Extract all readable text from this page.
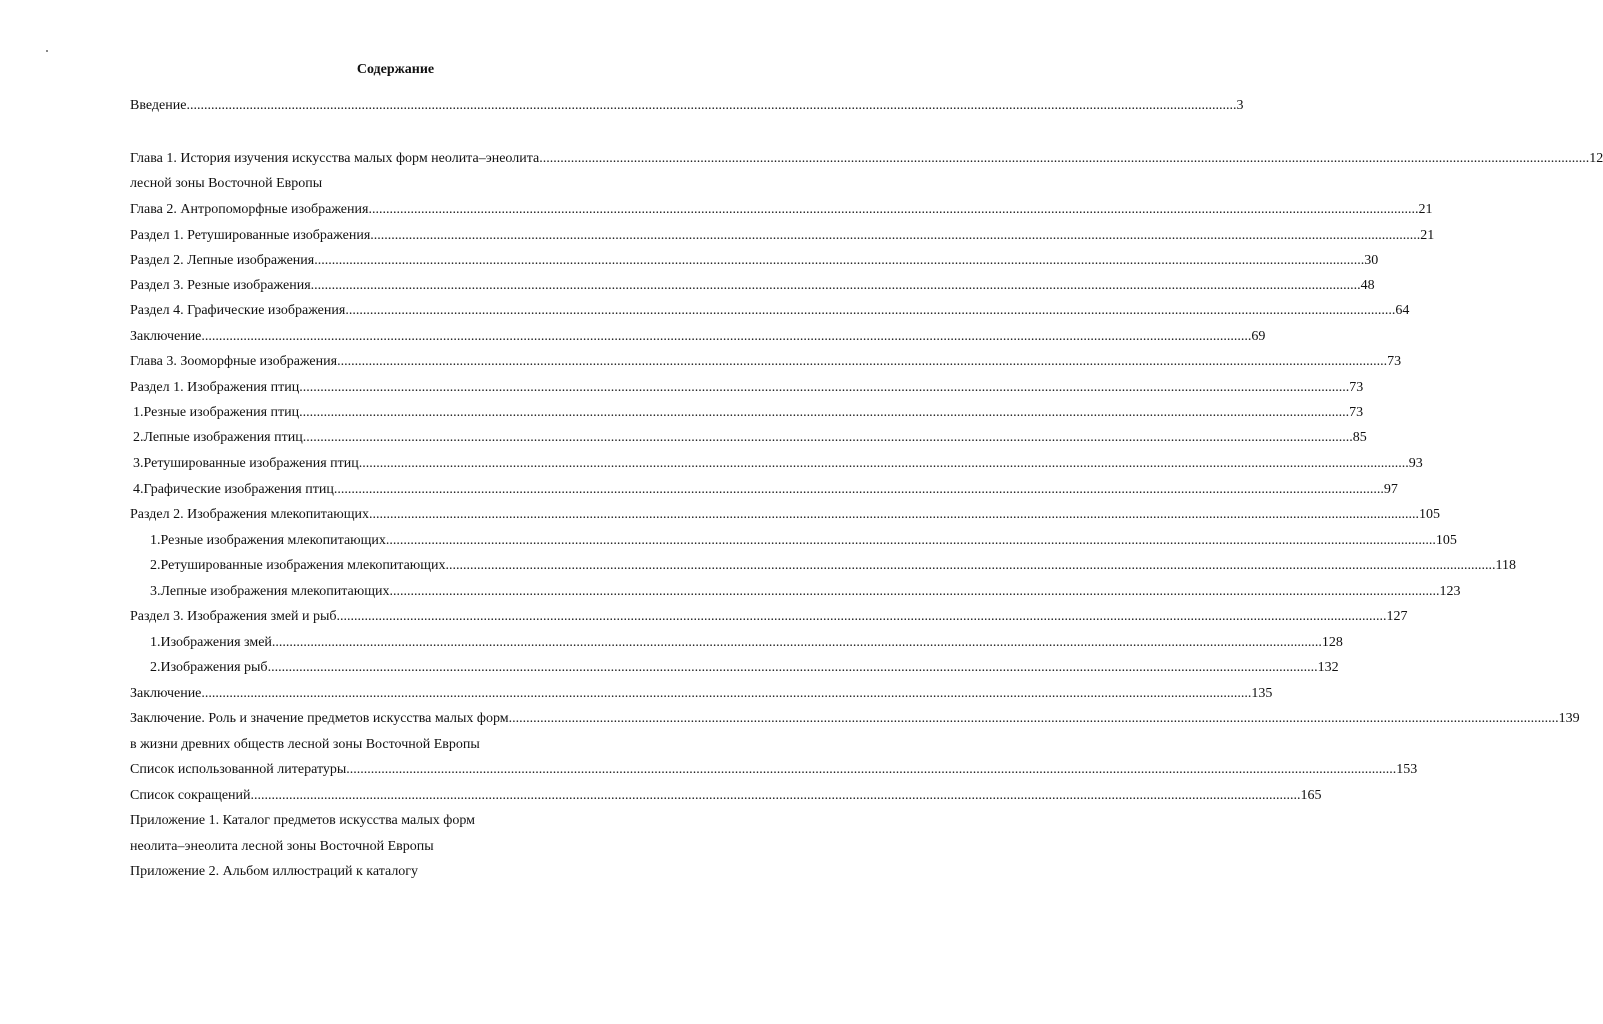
Содержание
Введение ............................................................................................................................................................................................................................................................................................................ 3
Глава 1. История изучения искусства малых форм неолита–энеолита ............................................................................................................................................................................................................................................................................................................ 12
лесной зоны Восточной Европы
Глава 2. Антропоморфные изображения ............................................................................................................................................................................................................................................................................................................ 21
Раздел 1. Ретушированные изображения ............................................................................................................................................................................................................................................................................................................ 21
Раздел 2. Лепные изображения ............................................................................................................................................................................................................................................................................................................ 30
Раздел 3. Резные изображения ............................................................................................................................................................................................................................................................................................................ 48
Раздел 4. Графические изображения ............................................................................................................................................................................................................................................................................................................ 64
Заключение ............................................................................................................................................................................................................................................................................................................ 69
Глава 3. Зооморфные изображения ............................................................................................................................................................................................................................................................................................................ 73
Раздел 1. Изображения птиц ............................................................................................................................................................................................................................................................................................................ 73
1. Резные изображения птиц ............................................................................................................................................................................................................................................................................................................ 73
2. Лепные изображения птиц ............................................................................................................................................................................................................................................................................................................ 85
3. Ретушированные изображения птиц ............................................................................................................................................................................................................................................................................................................ 93
4. Графические изображения птиц ............................................................................................................................................................................................................................................................................................................ 97
Раздел 2. Изображения млекопитающих ............................................................................................................................................................................................................................................................................................................ 105
1. Резные изображения млекопитающих ............................................................................................................................................................................................................................................................................................................ 105
2. Ретушированные изображения млекопитающих ............................................................................................................................................................................................................................................................................................................ 118
3. Лепные изображения млекопитающих ............................................................................................................................................................................................................................................................................................................ 123
Раздел 3. Изображения змей и рыб ............................................................................................................................................................................................................................................................................................................ 127
1. Изображения змей ............................................................................................................................................................................................................................................................................................................ 128
2. Изображения рыб ............................................................................................................................................................................................................................................................................................................ 132
Заключение ............................................................................................................................................................................................................................................................................................................ 135
Заключение. Роль и значение предметов искусства малых форм ............................................................................................................................................................................................................................................................................................................ 139
в жизни древних обществ лесной зоны Восточной Европы
Список использованной литературы ............................................................................................................................................................................................................................................................................................................ 153
Список сокращений ............................................................................................................................................................................................................................................................................................................ 165
Приложение 1. Каталог предметов искусства малых форм
неолита–энеолита лесной зоны Восточной Европы
Приложение 2. Альбом иллюстраций к каталогу
